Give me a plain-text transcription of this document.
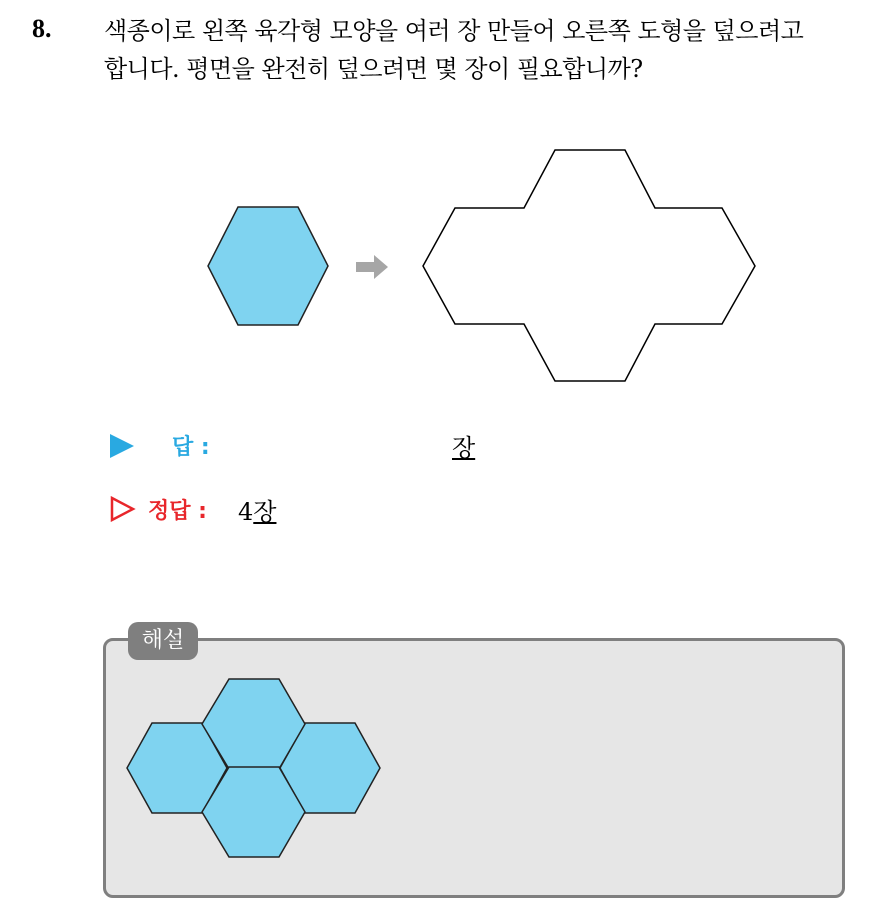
8. 색종이로 왼쪽 육각형 모양을 여러 장 만들어 오른쪽 도형을 덮으려고
합니다. 평면을 완전히 덮으려면 몇 장이 필요합니까?
답 :	장
정답 : 4장
해설
